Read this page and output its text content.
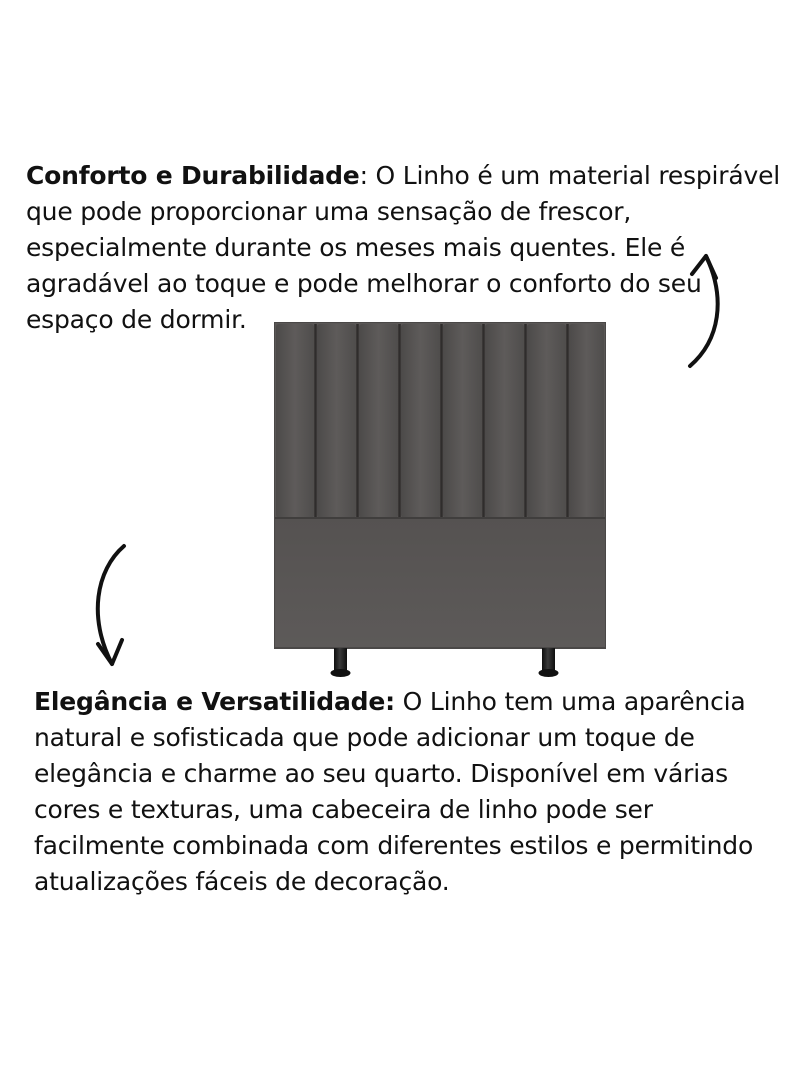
Conforto e Durabilidade: O Linho é um material respirável
que pode proporcionar uma sensação de frescor,
especialmente durante os meses mais quentes. Ele é
agradável ao toque e pode melhorar o conforto do seu
espaço de dormir.

Elegância e Versatilidade: O Linho tem uma aparência
natural e sofisticada que pode adicionar um toque de
elegância e charme ao seu quarto. Disponível em várias
cores e texturas, uma cabeceira de linho pode ser
facilmente combinada com diferentes estilos e permitindo
atualizações fáceis de decoração.
